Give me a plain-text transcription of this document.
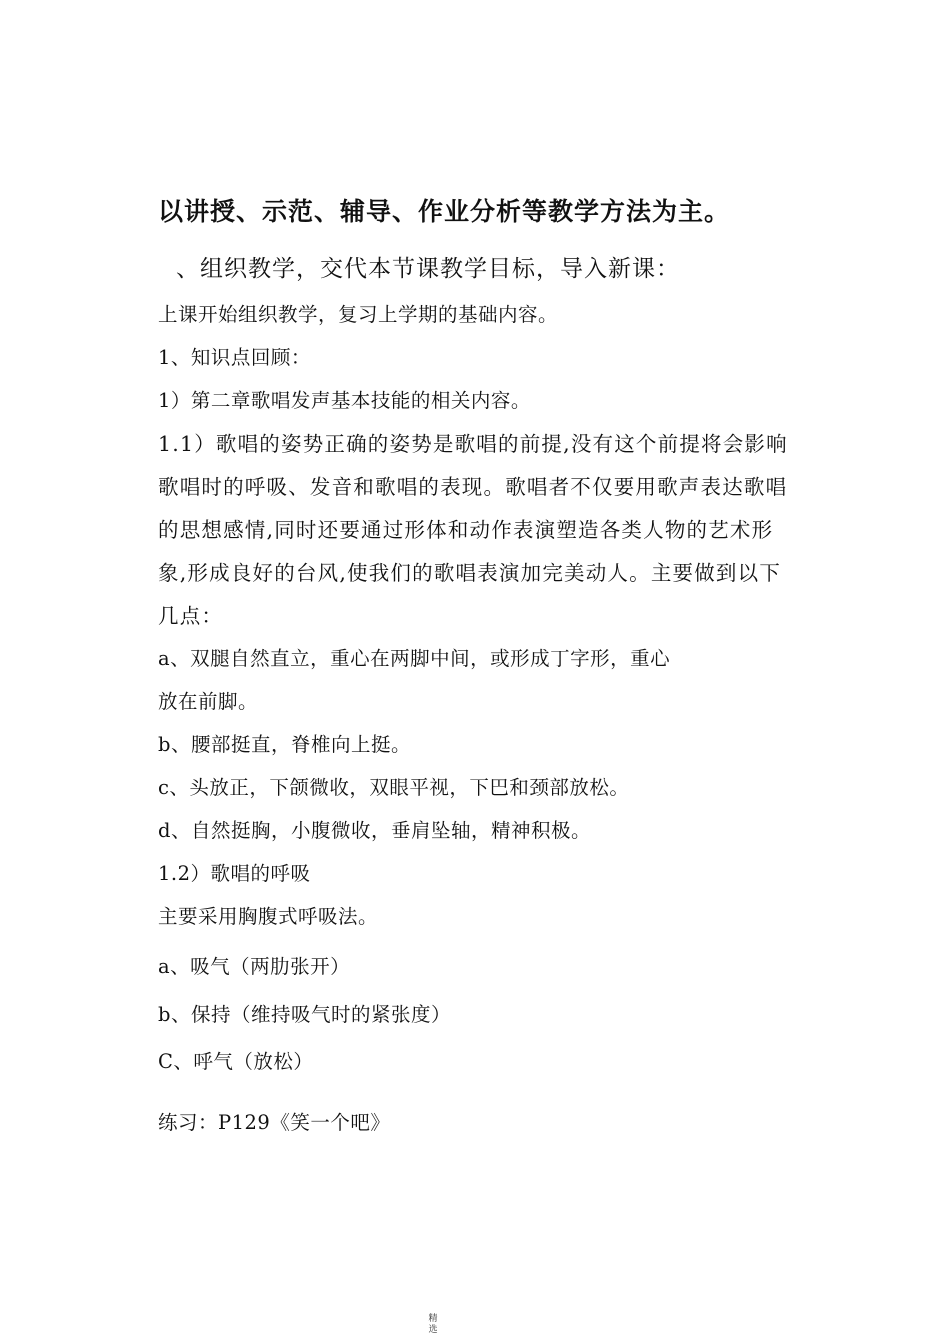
以讲授、示范、辅导、作业分析等教学方法为主。
、组织教学，交代本节课教学目标，导入新课：
上课开始组织教学，复习上学期的基础内容。
1、知识点回顾：
1）第二章歌唱发声基本技能的相关内容。
1.1）歌唱的姿势正确的姿势是歌唱的前提,没有这个前提将会影响
歌唱时的呼吸、发音和歌唱的表现。歌唱者不仅要用歌声表达歌唱
的思想感情,同时还要通过形体和动作表演塑造各类人物的艺术形
象,形成良好的台风,使我们的歌唱表演加完美动人。主要做到以下
几点：
a、双腿自然直立，重心在两脚中间，或形成丁字形，重心
放在前脚。
b、腰部挺直，脊椎向上挺。
c、头放正，下颌微收，双眼平视，下巴和颈部放松。
d、自然挺胸，小腹微收，垂肩坠轴，精神积极。
1.2）歌唱的呼吸
主要采用胸腹式呼吸法。
a、吸气（两肋张开）
b、保持（维持吸气时的紧张度）
C、呼气（放松）
练习：P129《笑一个吧》
精选
